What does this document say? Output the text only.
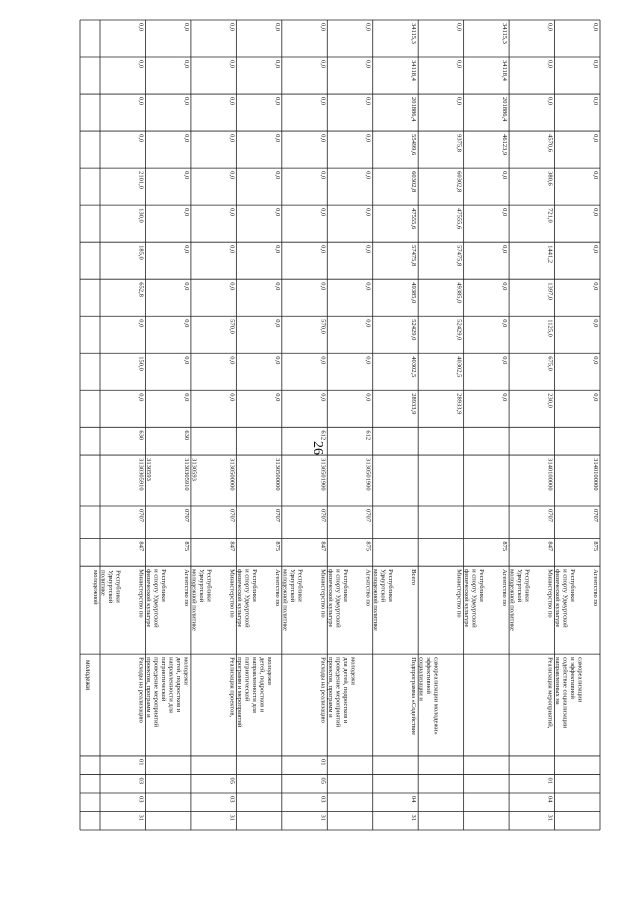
26
молодежи
молодежнойполитикеУдмуртскойРеспублики
31
03
03
01
Расходы на реализациюпроектов, программ ипроведение мероприятийпатриотическойнаправленности длядетей, подростков имолодежи
Министерство пофизической культуреи спорту УдмуртскойРеспублики
847
0707
31303059103130593
630
0,0
150,0
0,0
652,8
185,0
130,0
2101,0
0,0
0,0
0,0
0,0
Агентство помолодежной политикеУдмуртскойРеспублики
875
0707
31303059103130593
630
0,0
0,0
0,0
0,0
0,0
0,0
0,0
0,0
0,0
0,0
0,0
31
03
05
Реализация проектов,программ и мероприятийпатриотическойнаправленности длядетей, подростков имолодежи
Министерство пофизической культуреи спорту УдмуртскойРеспублики
847
0707
3130500000
0,0
0,0
570,0
0,0
0,0
0,0
0,0
0,0
0,0
0,0
0,0
Агентство помолодежной политикеУдмуртскойРеспублики
875
0707
3130500000
0,0
0,0
0,0
0,0
0,0
0,0
0,0
0,0
0,0
0,0
0,0
31
03
05
01
Расходы на реализациюпроектов, программ ипроведение мероприятийдля детей, подростков имолодежи
Министерство пофизической культуреи спорту УдмуртскойРеспублики
847
0707
3130501900
612
0,0
0,0
570,0
0,0
0,0
0,0
0,0
0,0
0,0
0,0
0,0
Агентство помолодежной политикеУдмуртскойРеспублики
875
0707
3130501900
612
0,0
0,0
0,0
0,0
0,0
0,0
0,0
0,0
0,0
0,0
0,0
31
04
Подпрограмма «Содействиесоциализации иэффективнойсамореализации молодежи»
Всего
28933,9
40302,5
52429,0
49385,0
57475,8
47555,6
60302,8
55499,6
201886,4
34118,4
34115,3
Министерство пофизической культуреи спорту УдмуртскойРеспублики
28933,9
40302,5
52429,0
49385,0
57475,8
47555,6
60302,8
9375,8
0,0
0,0
0,0
Агентство помолодежной политикеУдмуртскойРеспублики
875
0,0
0,0
0,0
0,0
0,0
0,0
0,0
46123,9
201886,4
34118,4
34115,3
31
04
01
Реализация мероприятий,направленных насодействие социализациии эффективнойсамореализации
Министерство пофизической культуреи спорту УдмуртскойРеспублики
847
0707
3140100000
230,0
675,0
1125,0
1397,0
1441,2
721,0
380,6
4570,6
0,0
0,0
0,0
Агентство по
875
0707
3140100000
0,0
0,0
0,0
0,0
0,0
0,0
0,0
0,0
0,0
0,0
0,0
